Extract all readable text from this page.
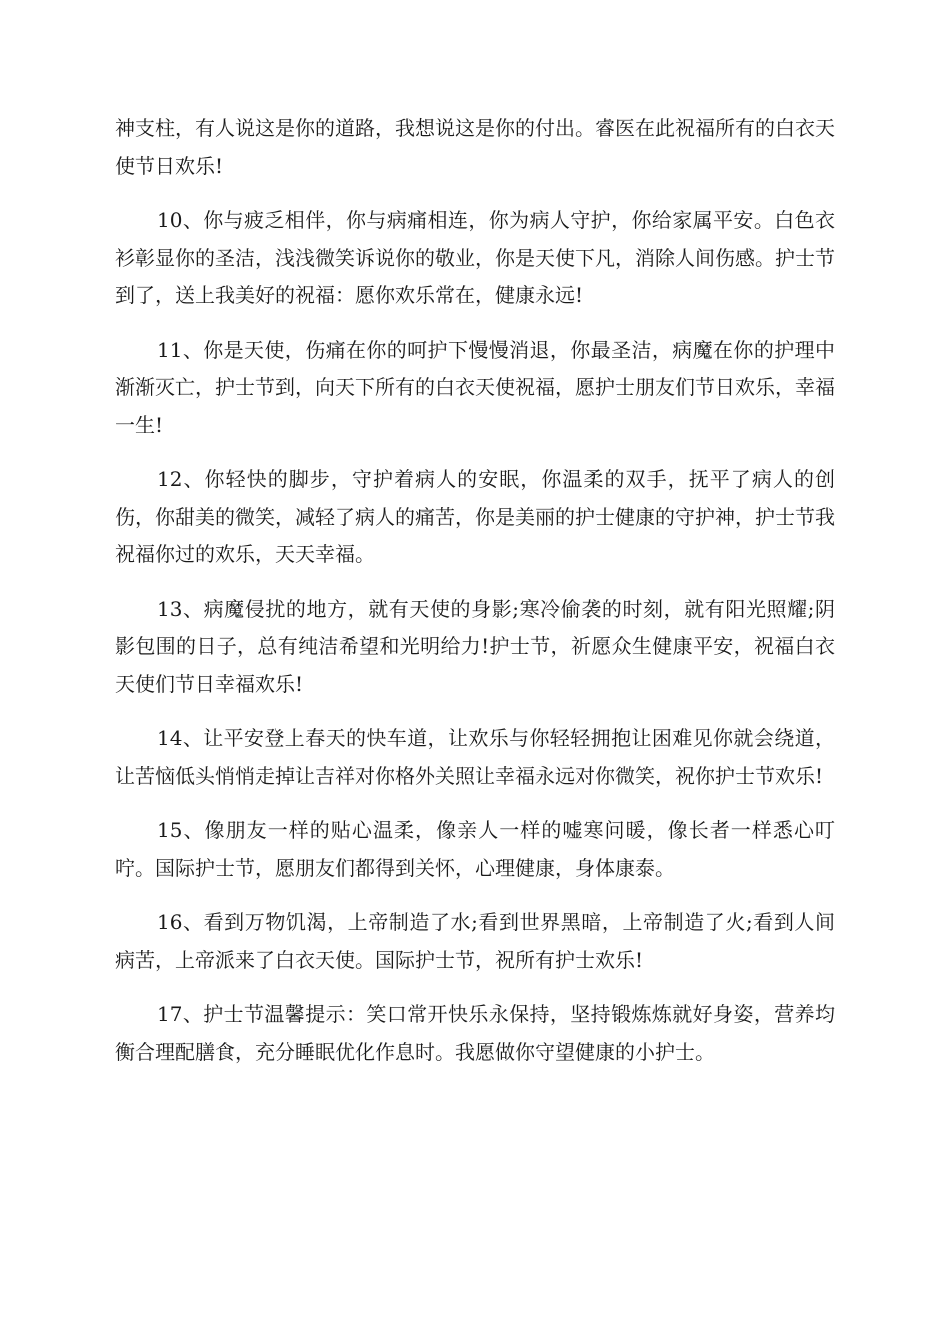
神支柱，有人说这是你的道路，我想说这是你的付出。睿医在此祝福所有的白衣天使节日欢乐!

10、你与疲乏相伴，你与病痛相连，你为病人守护，你给家属平安。白色衣衫彰显你的圣洁，浅浅微笑诉说你的敬业，你是天使下凡，消除人间伤感。护士节到了，送上我美好的祝福：愿你欢乐常在，健康永远!

11、你是天使，伤痛在你的呵护下慢慢消退，你最圣洁，病魔在你的护理中渐渐灭亡，护士节到，向天下所有的白衣天使祝福，愿护士朋友们节日欢乐，幸福一生!

12、你轻快的脚步，守护着病人的安眠，你温柔的双手，抚平了病人的创伤，你甜美的微笑，减轻了病人的痛苦，你是美丽的护士健康的守护神，护士节我祝福你过的欢乐，天天幸福。

13、病魔侵扰的地方，就有天使的身影;寒冷偷袭的时刻，就有阳光照耀;阴影包围的日子，总有纯洁希望和光明给力!护士节，祈愿众生健康平安，祝福白衣天使们节日幸福欢乐!

14、让平安登上春天的快车道，让欢乐与你轻轻拥抱让困难见你就会绕道，让苦恼低头悄悄走掉让吉祥对你格外关照让幸福永远对你微笑，祝你护士节欢乐!

15、像朋友一样的贴心温柔，像亲人一样的嘘寒问暖，像长者一样悉心叮咛。国际护士节，愿朋友们都得到关怀，心理健康，身体康泰。

16、看到万物饥渴，上帝制造了水;看到世界黑暗，上帝制造了火;看到人间病苦，上帝派来了白衣天使。国际护士节，祝所有护士欢乐!

17、护士节温馨提示：笑口常开快乐永保持，坚持锻炼炼就好身姿，营养均衡合理配膳食，充分睡眠优化作息时。我愿做你守望健康的小护士。
